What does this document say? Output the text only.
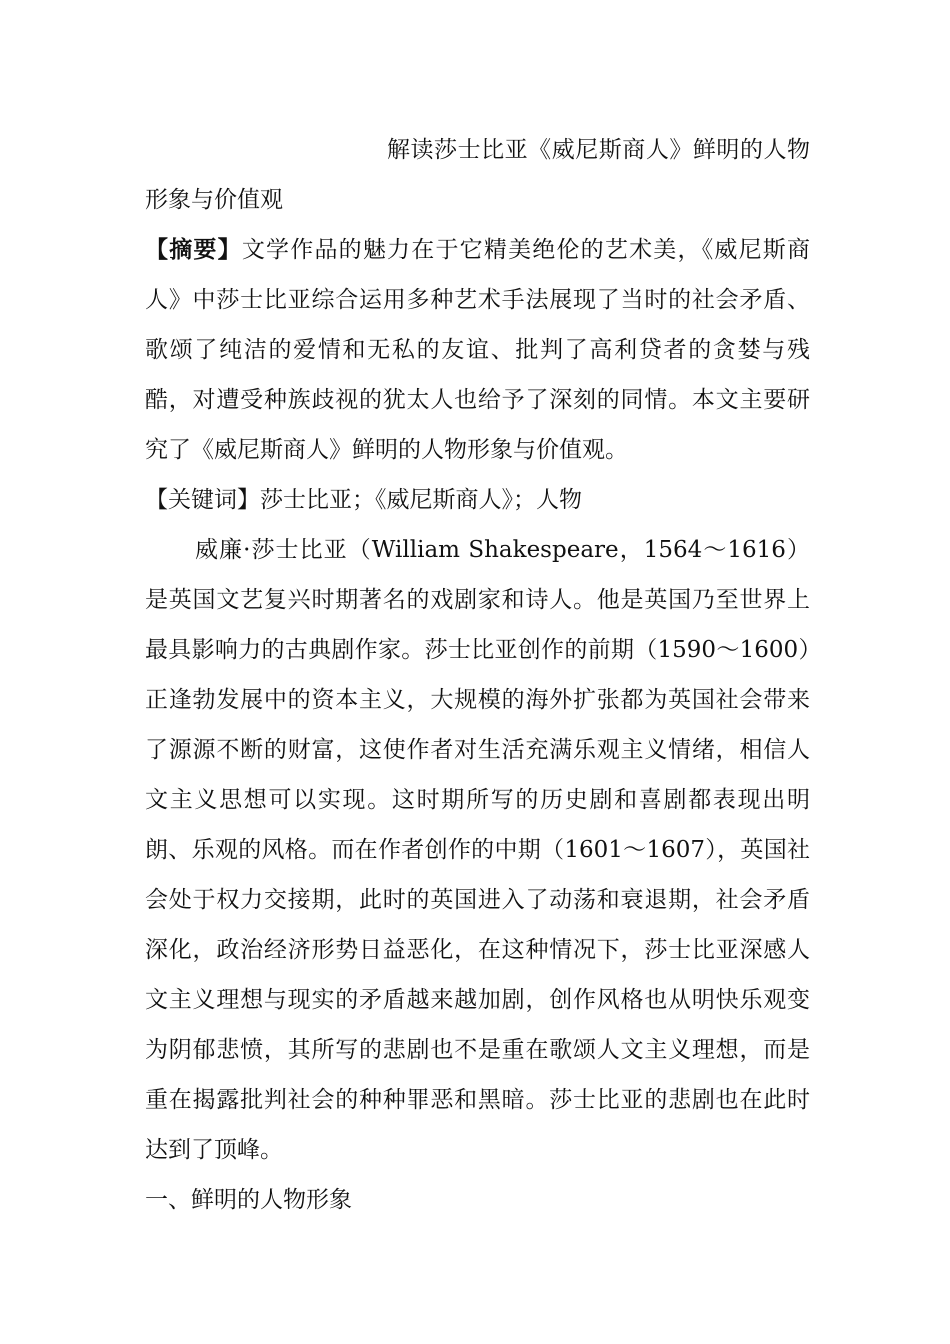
解读莎士比亚《威尼斯商人》鲜明的人物形象与价值观
【摘要】文学作品的魅力在于它精美绝伦的艺术美，《威尼斯商人》中莎士比亚综合运用多种艺术手法展现了当时的社会矛盾、歌颂了纯洁的爱情和无私的友谊、批判了高利贷者的贪婪与残酷，对遭受种族歧视的犹太人也给予了深刻的同情。本文主要研究了《威尼斯商人》鲜明的人物形象与价值观。
【关键词】莎士比亚；《威尼斯商人》；人物
威廉·莎士比亚（William Shakespeare，1564～1616）是英国文艺复兴时期著名的戏剧家和诗人。他是英国乃至世界上最具影响力的古典剧作家。莎士比亚创作的前期（1590～1600）正逢勃发展中的资本主义，大规模的海外扩张都为英国社会带来了源源不断的财富，这使作者对生活充满乐观主义情绪，相信人文主义思想可以实现。这时期所写的历史剧和喜剧都表现出明朗、乐观的风格。而在作者创作的中期（1601～1607），英国社会处于权力交接期，此时的英国进入了动荡和衰退期，社会矛盾深化，政治经济形势日益恶化，在这种情况下，莎士比亚深感人文主义理想与现实的矛盾越来越加剧，创作风格也从明快乐观变为阴郁悲愤，其所写的悲剧也不是重在歌颂人文主义理想，而是重在揭露批判社会的种种罪恶和黑暗。莎士比亚的悲剧也在此时达到了顶峰。
一、鲜明的人物形象
